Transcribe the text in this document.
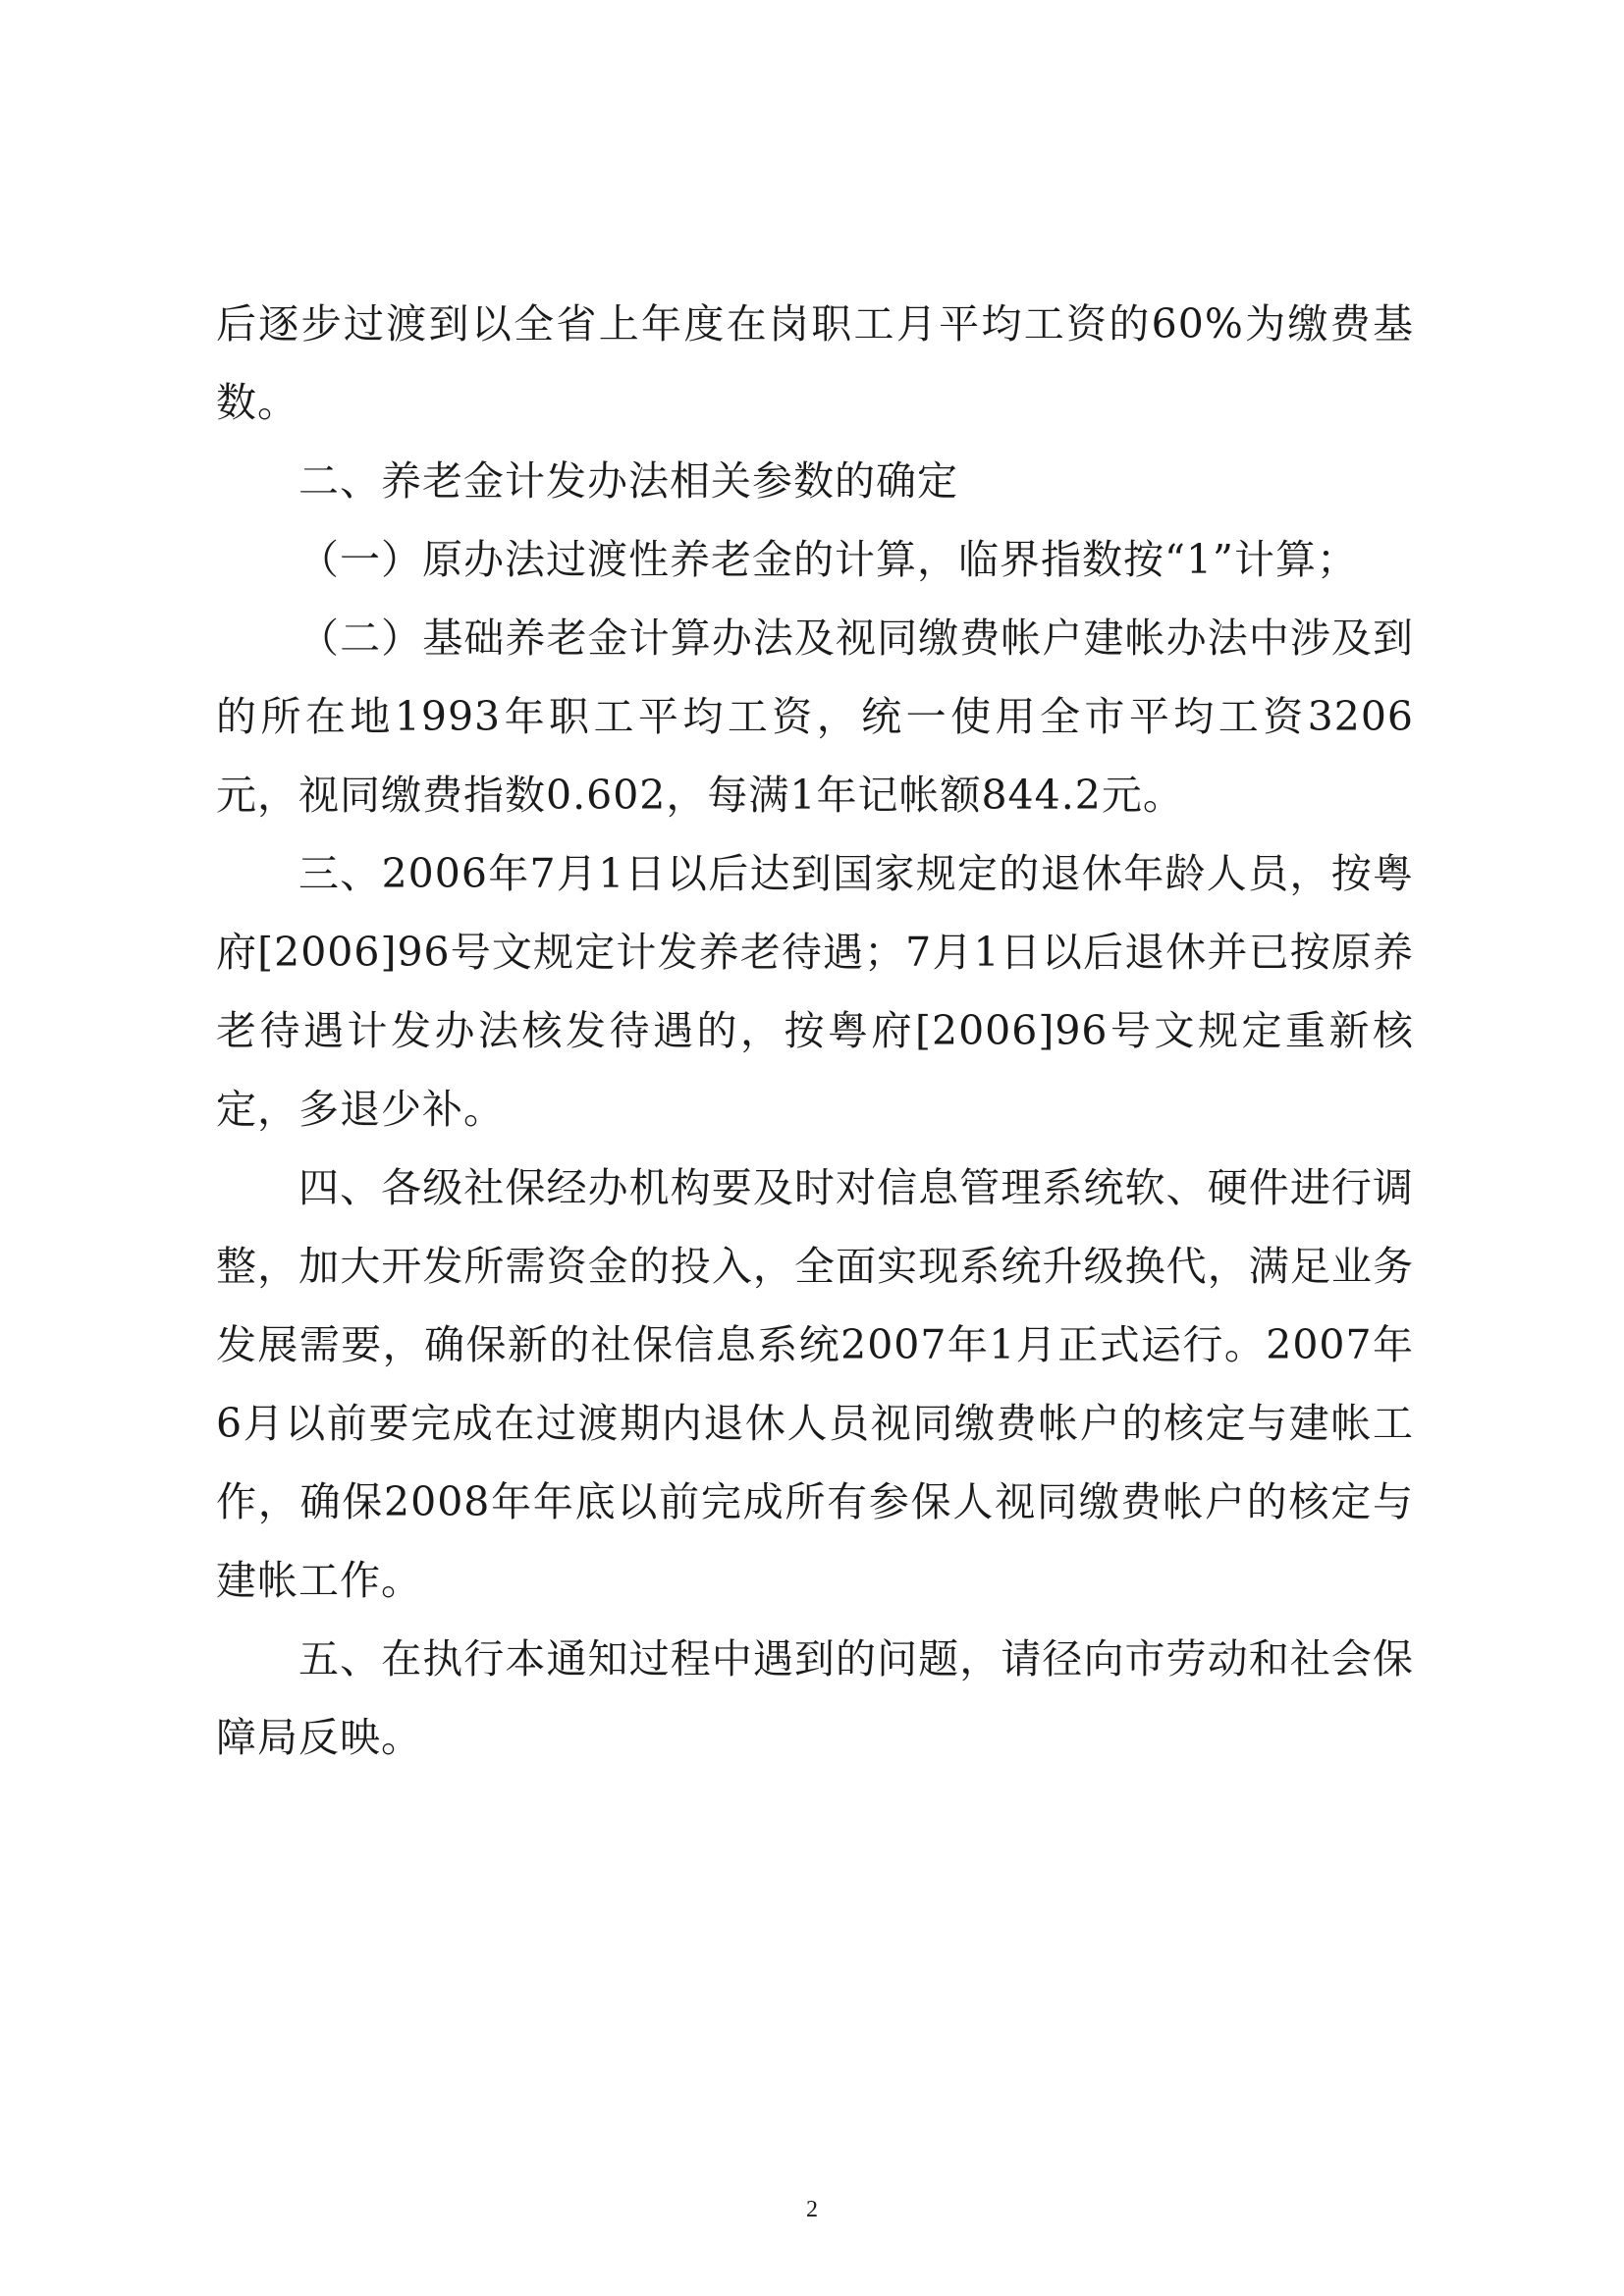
后逐步过渡到以全省上年度在岗职工月平均工资的60%为缴费基数。

二、养老金计发办法相关参数的确定

（一）原办法过渡性养老金的计算，临界指数按“1”计算；

（二）基础养老金计算办法及视同缴费帐户建帐办法中涉及到的所在地1993年职工平均工资，统一使用全市平均工资3206元，视同缴费指数0.602，每满1年记帐额844.2元。

三、2006年7月1日以后达到国家规定的退休年龄人员，按粤府[2006]96号文规定计发养老待遇；7月1日以后退休并已按原养老待遇计发办法核发待遇的，按粤府[2006]96号文规定重新核定，多退少补。

四、各级社保经办机构要及时对信息管理系统软、硬件进行调整，加大开发所需资金的投入，全面实现系统升级换代，满足业务发展需要，确保新的社保信息系统2007年1月正式运行。2007年6月以前要完成在过渡期内退休人员视同缴费帐户的核定与建帐工作，确保2008年年底以前完成所有参保人视同缴费帐户的核定与建帐工作。

五、在执行本通知过程中遇到的问题，请径向市劳动和社会保障局反映。

2
